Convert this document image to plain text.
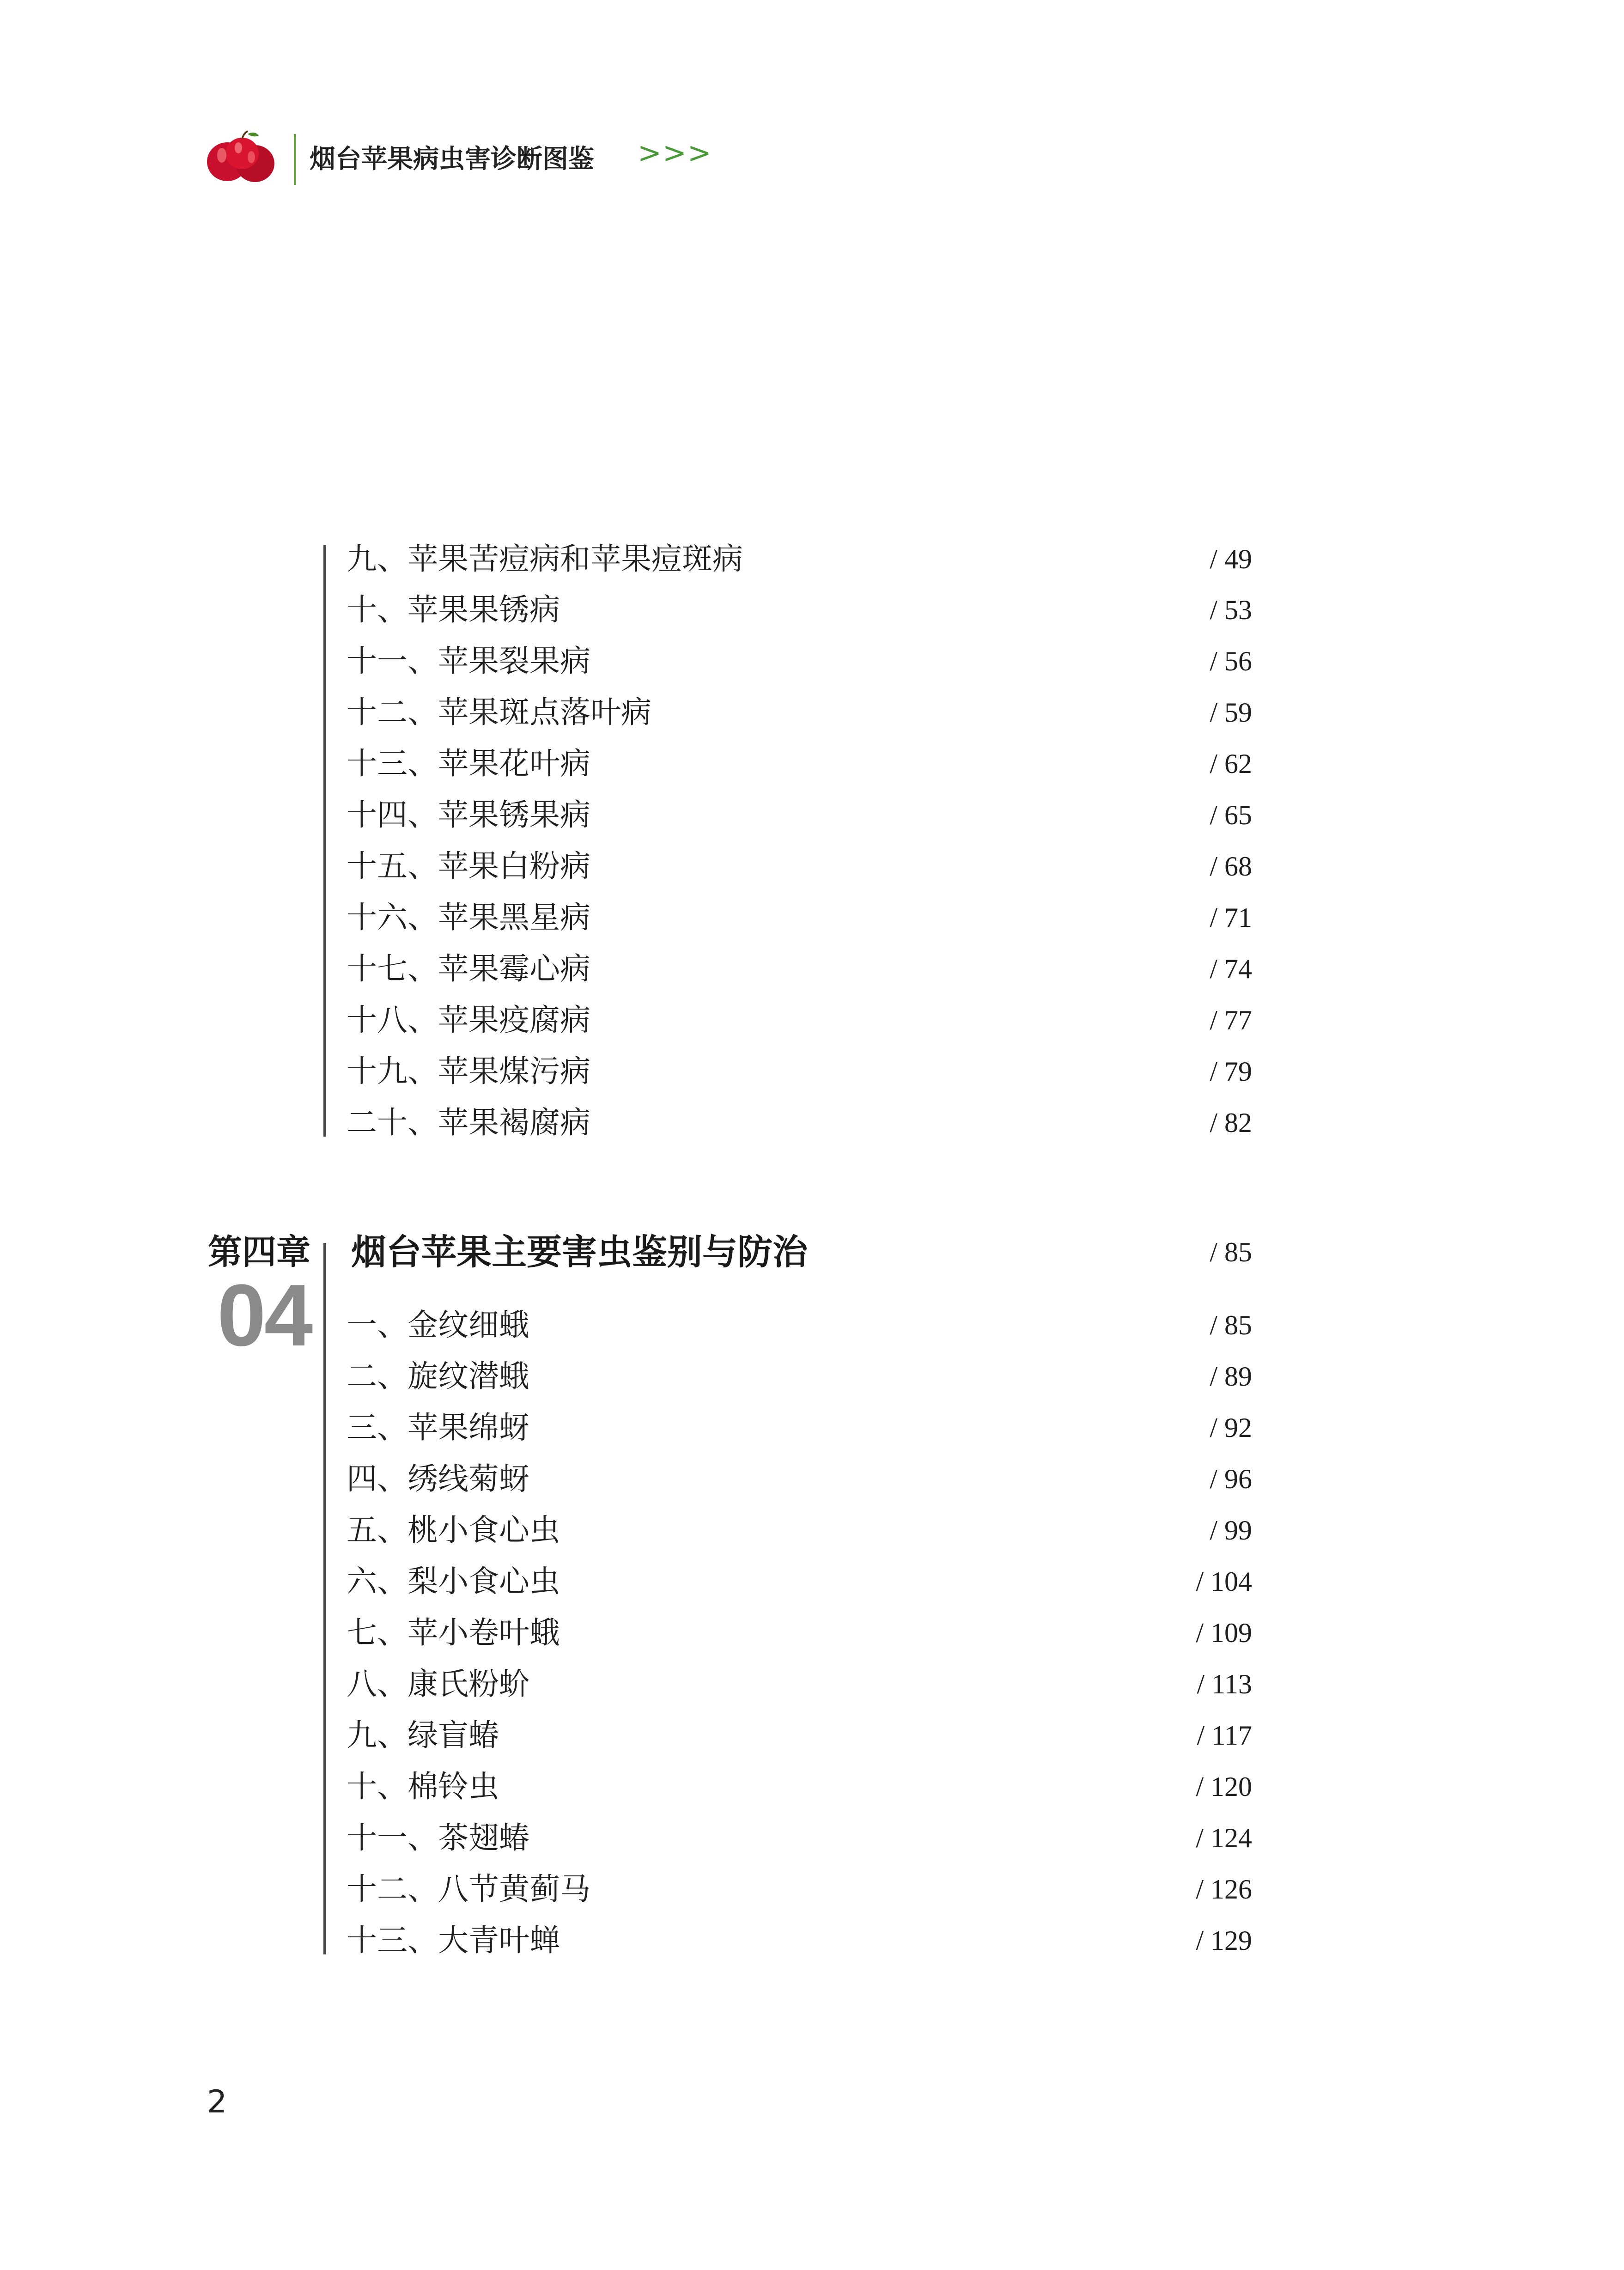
烟台苹果病虫害诊断图鉴 >>>
九、苹果苦痘病和苹果痘斑病	/ 49
十、苹果果锈病	/ 53
十一、苹果裂果病	/ 56
十二、苹果斑点落叶病	/ 59
十三、苹果花叶病	/ 62
十四、苹果锈果病	/ 65
十五、苹果白粉病	/ 68
十六、苹果黑星病	/ 71
十七、苹果霉心病	/ 74
十八、苹果疫腐病	/ 77
十九、苹果煤污病	/ 79
二十、苹果褐腐病	/ 82
第四章
04
烟台苹果主要害虫鉴别与防治	/ 85
一、金纹细蛾	/ 85
二、旋纹潜蛾	/ 89
三、苹果绵蚜	/ 92
四、绣线菊蚜	/ 96
五、桃小食心虫	/ 99
六、梨小食心虫	/ 104
七、苹小卷叶蛾	/ 109
八、康氏粉蚧	/ 113
九、绿盲蝽	/ 117
十、棉铃虫	/ 120
十一、茶翅蝽	/ 124
十二、八节黄蓟马	/ 126
十三、大青叶蝉	/ 129
2
